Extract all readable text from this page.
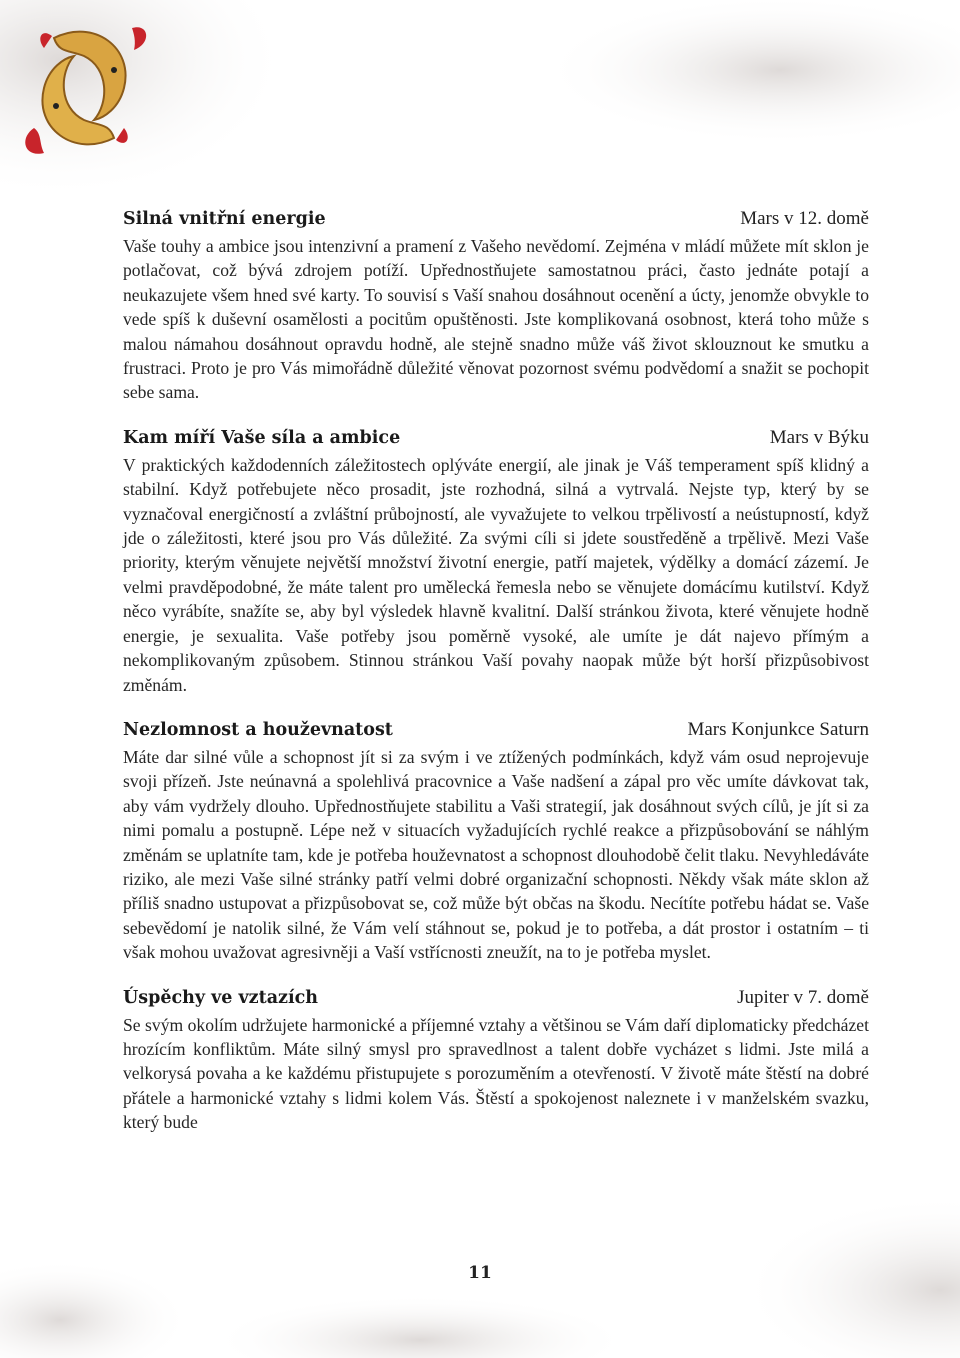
Silná vnitřní energie	Mars v 12. domě

Vaše touhy a ambice jsou intenzivní a pramení z Vašeho nevědomí. Zejména v mládí můžete mít sklon je potlačovat, což bývá zdrojem potíží. Upřednostňujete samostatnou práci, často jednáte potají a neukazujete všem hned své karty. To souvisí s Vaší snahou dosáhnout ocenění a úcty, jenomže obvykle to vede spíš k duševní osamělosti a pocitům opuštěnosti. Jste komplikovaná osobnost, která toho může s malou námahou dosáhnout opravdu hodně, ale stejně snadno může váš život sklouznout ke smutku a frustraci. Proto je pro Vás mimořádně důležité věnovat pozornost svému podvědomí a snažit se pochopit sebe sama.

Kam míří Vaše síla a ambice	Mars v Býku

V praktických každodenních záležitostech oplýváte energií, ale jinak je Váš temperament spíš klidný a stabilní. Když potřebujete něco prosadit, jste rozhodná, silná a vytrvalá. Nejste typ, který by se vyznačoval energičností a zvláštní průbojností, ale vyvažujete to velkou trpělivostí a neústupností, když jde o záležitosti, které jsou pro Vás důležité. Za svými cíli si jdete soustředěně a trpělivě. Mezi Vaše priority, kterým věnujete největší množství životní energie, patří majetek, výdělky a domácí zázemí. Je velmi pravděpodobné, že máte talent pro umělecká řemesla nebo se věnujete domácímu kutilství. Když něco vyrábíte, snažíte se, aby byl výsledek hlavně kvalitní. Další stránkou života, které věnujete hodně energie, je sexualita. Vaše potřeby jsou poměrně vysoké, ale umíte je dát najevo přímým a nekomplikovaným způsobem. Stinnou stránkou Vaší povahy naopak může být horší přizpůsobivost změnám.

Nezlomnost a houževnatost	Mars Konjunkce Saturn

Máte dar silné vůle a schopnost jít si za svým i ve ztížených podmínkách, když vám osud neprojevuje svoji přízeň. Jste neúnavná a spolehlivá pracovnice a Vaše nadšení a zápal pro věc umíte dávkovat tak, aby vám vydržely dlouho. Upřednostňujete stabilitu a Vaši strategií, jak dosáhnout svých cílů, je jít si za nimi pomalu a postupně. Lépe než v situacích vyžadujících rychlé reakce a přizpůsobování se náhlým změnám se uplatníte tam, kde je potřeba houževnatost a schopnost dlouhodobě čelit tlaku. Nevyhledáváte riziko, ale mezi Vaše silné stránky patří velmi dobré organizační schopnosti. Někdy však máte sklon až příliš snadno ustupovat a přizpůsobovat se, což může být občas na škodu. Necítíte potřebu hádat se. Vaše sebevědomí je natolik silné, že Vám velí stáhnout se, pokud je to potřeba, a dát prostor i ostatním – ti však mohou uvažovat agresivněji a Vaší vstřícnosti zneužít, na to je potřeba myslet.

Úspěchy ve vztazích	Jupiter v 7. domě

Se svým okolím udržujete harmonické a příjemné vztahy a většinou se Vám daří diplomaticky předcházet hrozícím konfliktům. Máte silný smysl pro spravedlnost a talent dobře vycházet s lidmi. Jste milá a velkorysá povaha a ke každému přistupujete s porozuměním a otevřeností. V životě máte štěstí na dobré přátele a harmonické vztahy s lidmi kolem Vás. Štěstí a spokojenost naleznete i v manželském svazku, který bude

11
